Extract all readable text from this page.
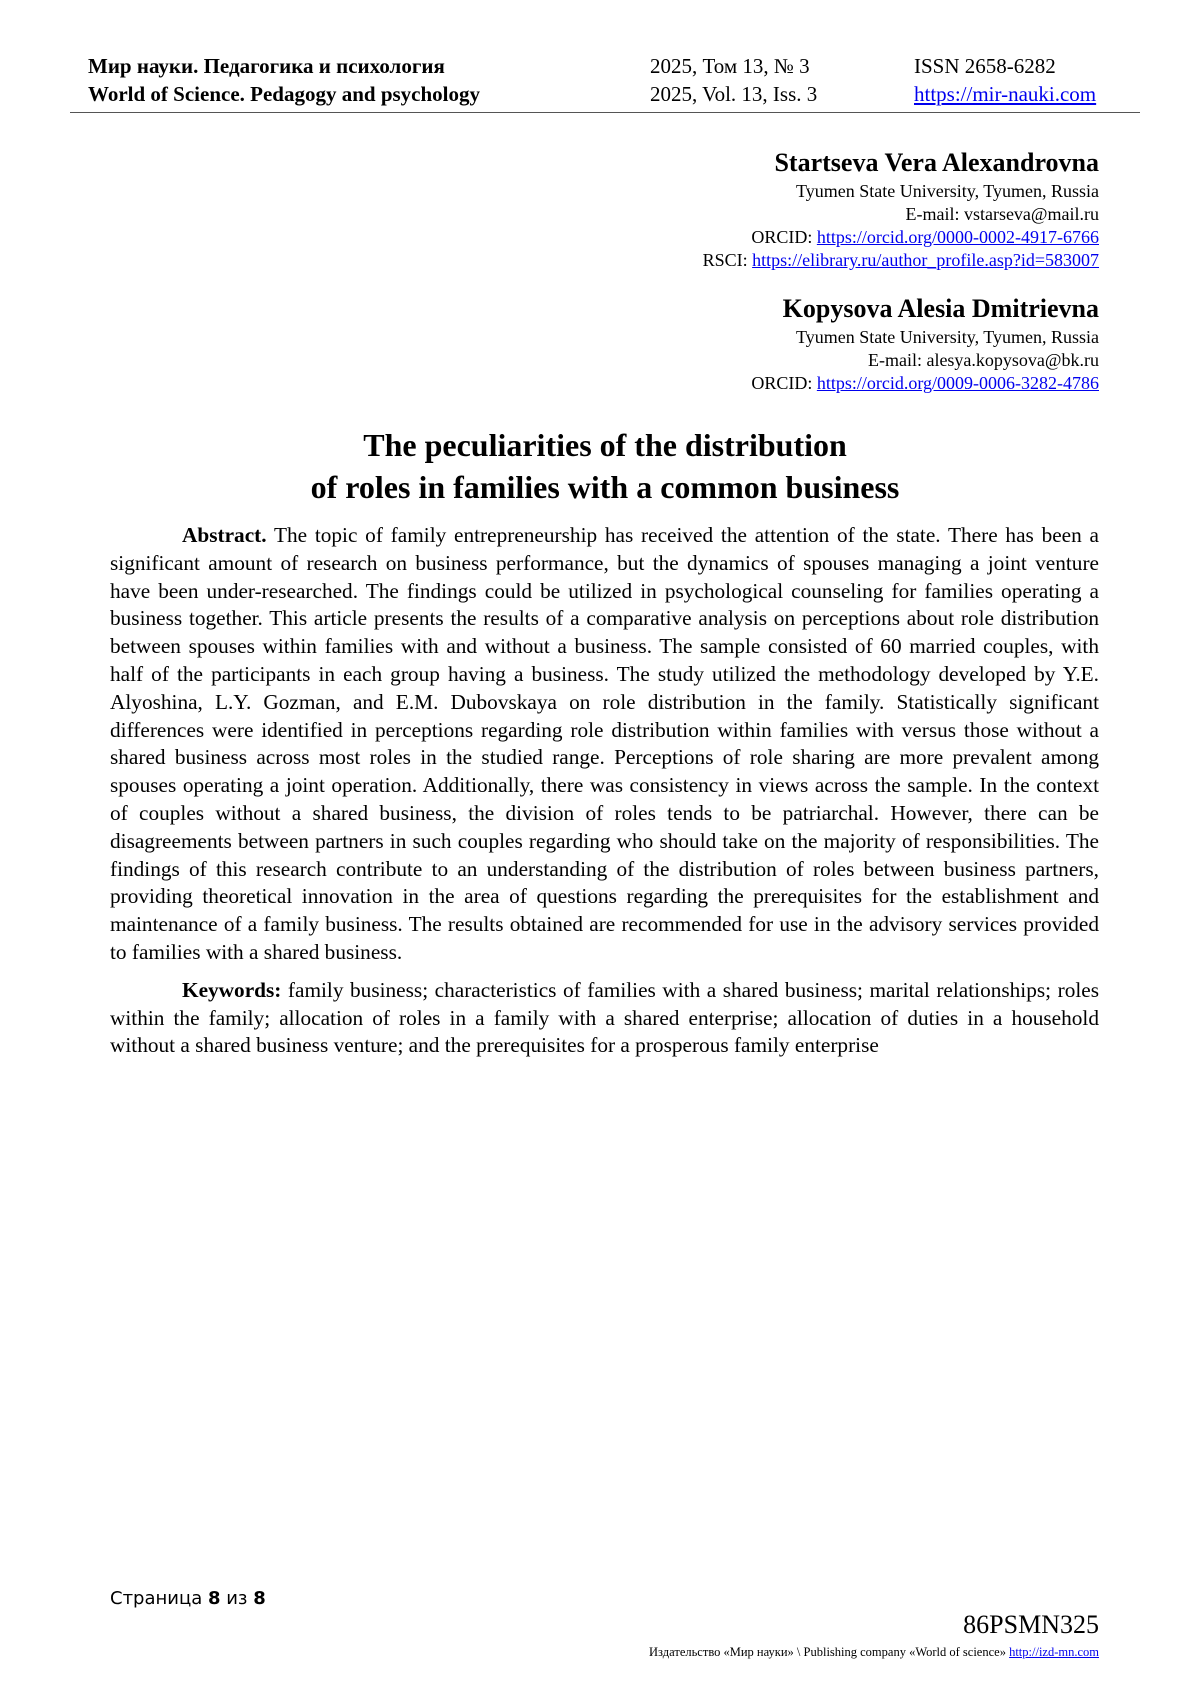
Мир науки. Педагогика и психология	2025, Том 13, № 3	ISSN 2658-6282
World of Science. Pedagogy and psychology	2025, Vol. 13, Iss. 3	https://mir-nauki.com
Startseva Vera Alexandrovna
Tyumen State University, Tyumen, Russia
E-mail: vstarseva@mail.ru
ORCID: https://orcid.org/0000-0002-4917-6766
RSCI: https://elibrary.ru/author_profile.asp?id=583007
Kopysova Alesia Dmitrievna
Tyumen State University, Tyumen, Russia
E-mail: alesya.kopysova@bk.ru
ORCID: https://orcid.org/0009-0006-3282-4786
The peculiarities of the distribution
of roles in families with a common business

Abstract. The topic of family entrepreneurship has received the attention of the state. There has been a significant amount of research on business performance, but the dynamics of spouses managing a joint venture have been under-researched. The findings could be utilized in psychological counseling for families operating a business together. This article presents the results of a comparative analysis on perceptions about role distribution between spouses within families with and without a business. The sample consisted of 60 married couples, with half of the participants in each group having a business. The study utilized the methodology developed by Y.E. Alyoshina, L.Y. Gozman, and E.M. Dubovskaya on role distribution in the family. Statistically significant differences were identified in perceptions regarding role distribution within families with versus those without a shared business across most roles in the studied range. Perceptions of role sharing are more prevalent among spouses operating a joint operation. Additionally, there was consistency in views across the sample. In the context of couples without a shared business, the division of roles tends to be patriarchal. However, there can be disagreements between partners in such couples regarding who should take on the majority of responsibilities. The findings of this research contribute to an understanding of the distribution of roles between business partners, providing theoretical innovation in the area of questions regarding the prerequisites for the establishment and maintenance of a family business. The results obtained are recommended for use in the advisory services provided to families with a shared business.

Keywords: family business; characteristics of families with a shared business; marital relationships; roles within the family; allocation of roles in a family with a shared enterprise; allocation of duties in a household without a shared business venture; and the prerequisites for a prosperous family enterprise

Страница 8 из 8
86PSMN325
Издательство «Мир науки» \ Publishing company «World of science» http://izd-mn.com
